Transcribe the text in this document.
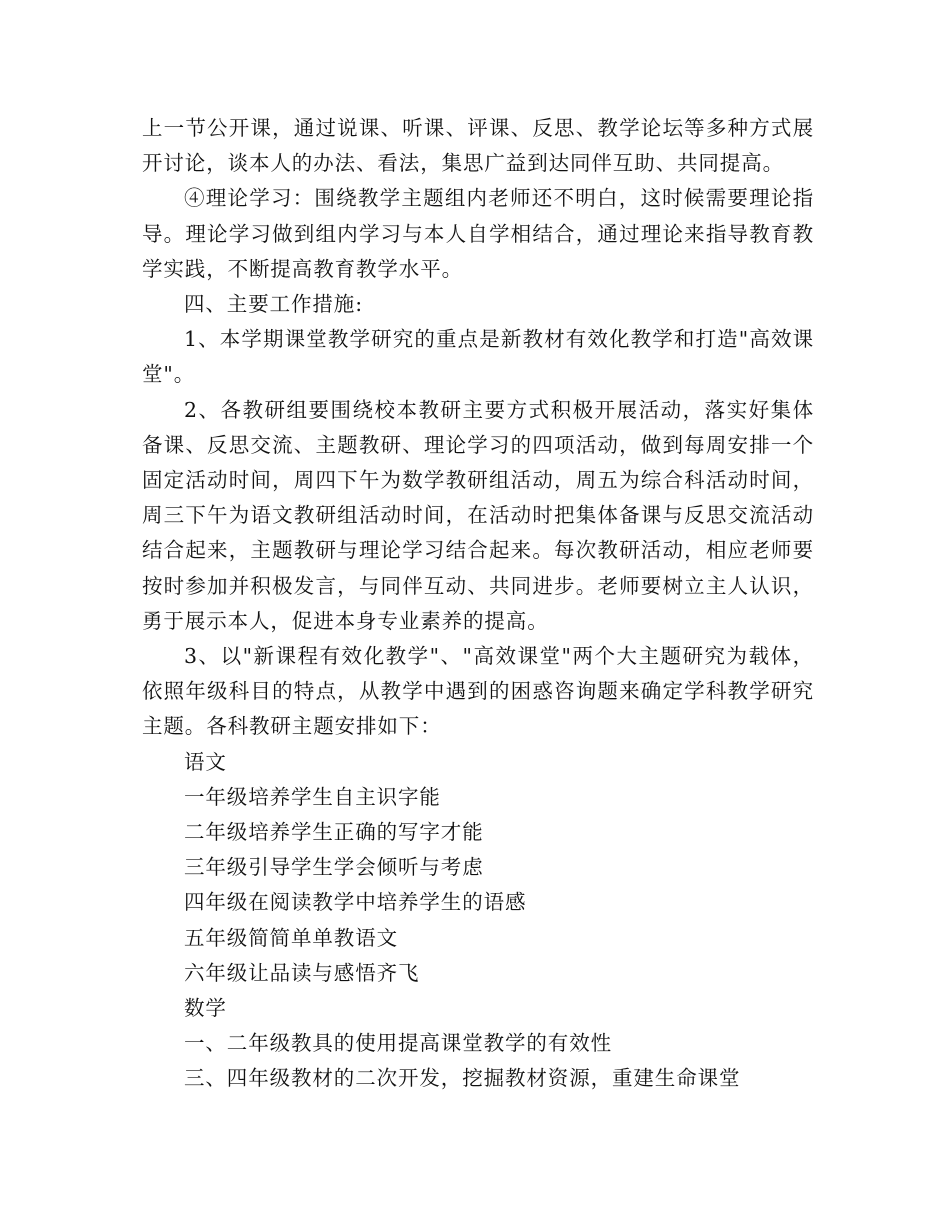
上一节公开课，通过说课、听课、评课、反思、教学论坛等多种方式展开讨论，谈本人的办法、看法，集思广益到达同伴互助、共同提高。

④理论学习：围绕教学主题组内老师还不明白，这时候需要理论指导。理论学习做到组内学习与本人自学相结合，通过理论来指导教育教学实践，不断提高教育教学水平。

四、主要工作措施:

1、本学期课堂教学研究的重点是新教材有效化教学和打造"高效课堂"。

2、各教研组要围绕校本教研主要方式积极开展活动，落实好集体备课、反思交流、主题教研、理论学习的四项活动，做到每周安排一个固定活动时间，周四下午为数学教研组活动，周五为综合科活动时间，周三下午为语文教研组活动时间，在活动时把集体备课与反思交流活动结合起来，主题教研与理论学习结合起来。每次教研活动，相应老师要按时参加并积极发言，与同伴互动、共同进步。老师要树立主人认识，勇于展示本人，促进本身专业素养的提高。

3、以"新课程有效化教学"、"高效课堂"两个大主题研究为载体，依照年级科目的特点，从教学中遇到的困惑咨询题来确定学科教学研究主题。各科教研主题安排如下：

语文

一年级培养学生自主识字能

二年级培养学生正确的写字才能

三年级引导学生学会倾听与考虑

四年级在阅读教学中培养学生的语感

五年级简简单单教语文

六年级让品读与感悟齐飞

数学

一、二年级教具的使用提高课堂教学的有效性

三、四年级教材的二次开发，挖掘教材资源，重建生命课堂
